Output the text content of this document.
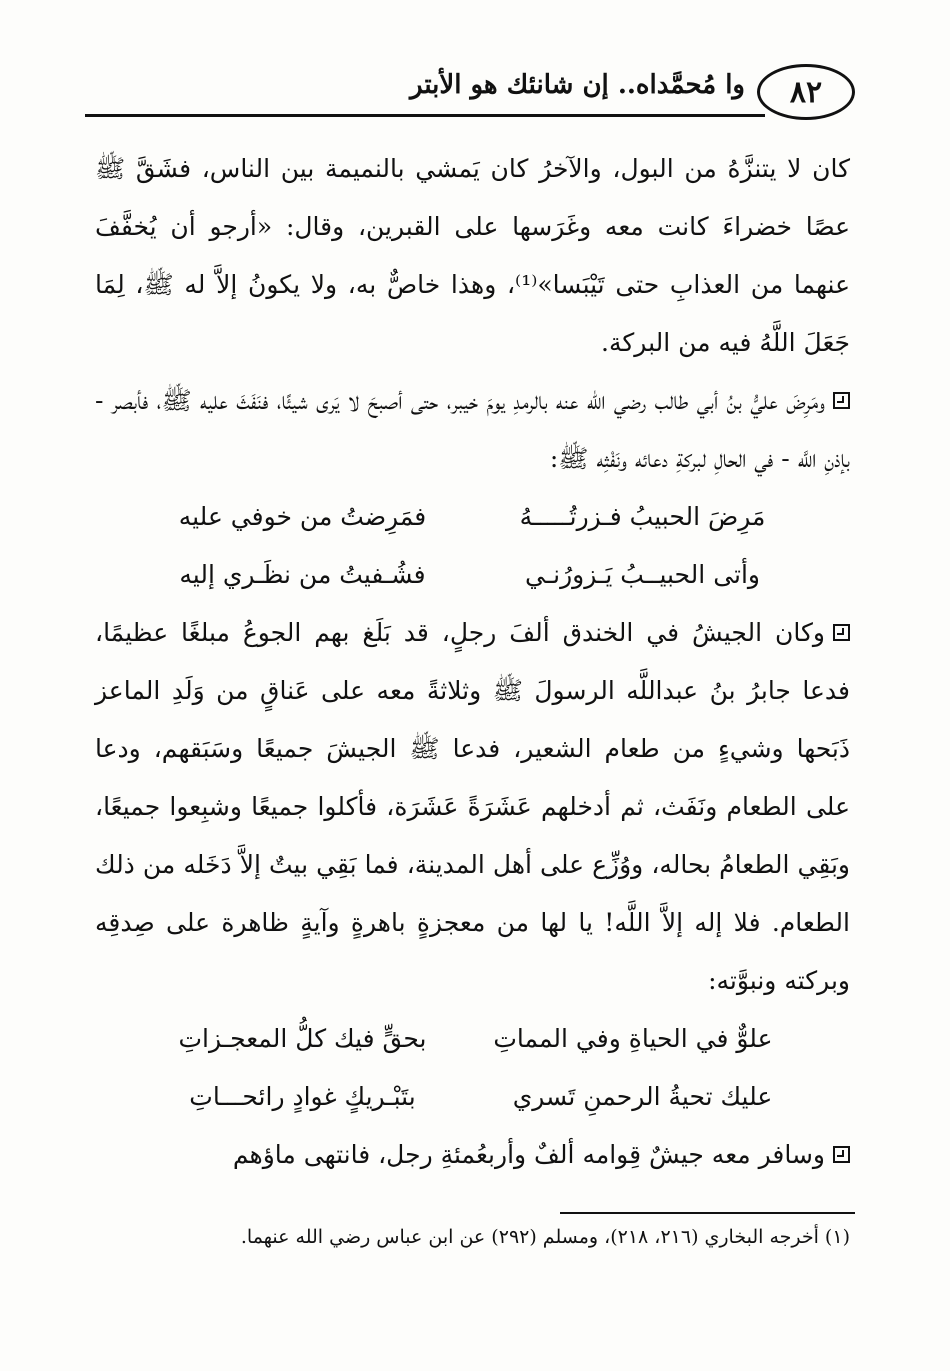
٨٢
وا مُحمَّداه.. إن شانئك هو الأبتر

كان لا يتنزَّهُ من البول، والآخرُ كان يَمشي بالنميمة بين الناس، فشَقَّ ﷺ عصًا خضراءَ كانت معه وغَرَسها على القبرين، وقال: «أرجو أن يُخفَّفَ عنهما من العذابِ حتى تَيْبَسا»⁽¹⁾، وهذا خاصٌّ به، ولا يكونُ إلاَّ له ﷺ، لِمَا جَعَلَ اللَّهُ فيه من البركة.

ومَرِضَ عليُّ بنُ أبي طالب رضي الله عنه بالرمدِ يومَ خيبر، حتى أصبحَ لا يَرى شيئًا، فنَفَثَ عليه ﷺ، فأبصر - بإذنِ اللَّه - في الحالِ لبركةِ دعائه ونَفْثِه ﷺ:

مَرِضَ الحبيبُ فـزرتُـــــهُ
فمَرِضتُ من خوفي عليه
وأتى الحبيــبُ يَـزورُنـي
فشُـفيتُ من نظَـري إليه

وكان الجيشُ في الخندق ألفَ رجلٍ، قد بَلَغ بهم الجوعُ مبلغًا عظيمًا، فدعا جابرُ بنُ عبداللَّه الرسولَ ﷺ وثلاثةً معه على عَناقٍ من وَلَدِ الماعز ذَبَحها وشيءٍ من طعام الشعير، فدعا ﷺ الجيشَ جميعًا وسَبَقهم، ودعا على الطعام ونَفَث، ثم أدخلهم عَشَرَةً عَشَرَة، فأكلوا جميعًا وشبِعوا جميعًا، وبَقِي الطعامُ بحاله، ووُزِّع على أهل المدينة، فما بَقِي بيتٌ إلاَّ دَخَله من ذلك الطعام. فلا إله إلاَّ اللَّه! يا لها من معجزةٍ باهرةٍ وآيةٍ ظاهرة على صِدقِه وبركته ونبوَّته:

علوٌّ في الحياةِ وفي المماتِ
بحقٍّ فيك كلُّ المعجـزاتِ
عليك تحيةُ الرحمنِ تَسري
بتَبْـريكٍ غوادٍ رائحـــاتِ

وسافر معه جيشٌ قِوامه ألفٌ وأربعُمئةِ رجل، فانتهى ماؤهم

(١) أخرجه البخاري (٢١٦، ٢١٨)، ومسلم (٢٩٢) عن ابن عباس رضي الله عنهما.
